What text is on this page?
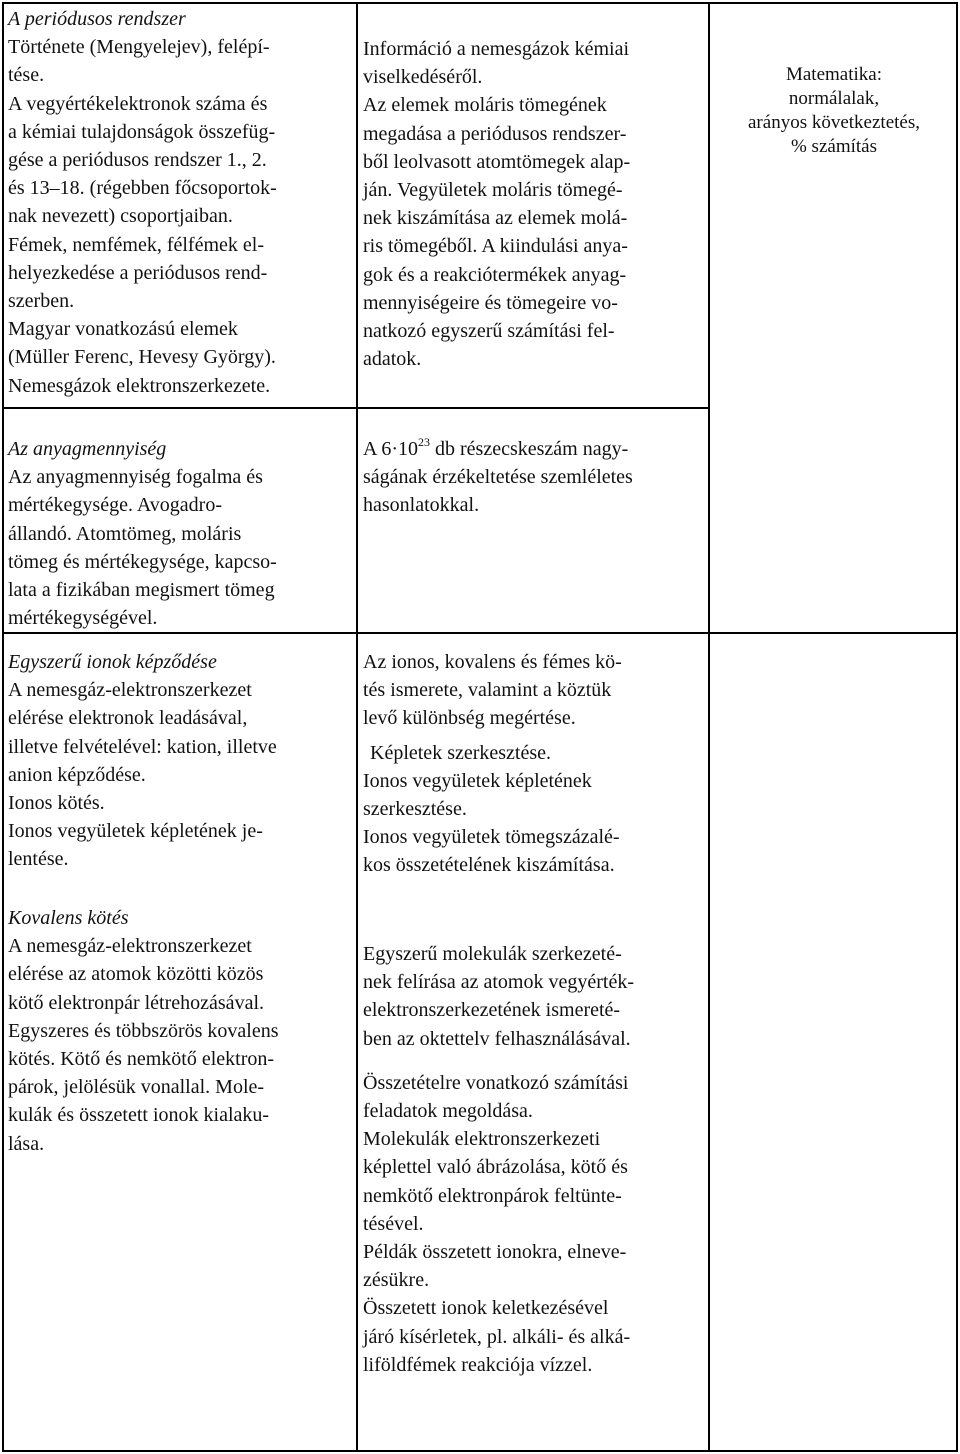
A periódusos rendszer

Története (Mengyelejev), felépí-

tése.

A vegyértékelektronok száma és

a kémiai tulajdonságok összefüg-

gése a periódusos rendszer 1., 2.

és 13–18. (régebben főcsoportok-

nak nevezett) csoportjaiban.

Fémek, nemfémek, félfémek el-

helyezkedése a periódusos rend-

szerben.

Magyar vonatkozású elemek

(Müller Ferenc, Hevesy György).

Nemesgázok elektronszerkezete.

Információ a nemesgázok kémiai

viselkedéséről.

Az elemek moláris tömegének

megadása a periódusos rendszer-

ből leolvasott atomtömegek alap-

ján. Vegyületek moláris tömegé-

nek kiszámítása az elemek molá-

ris tömegéből. A kiindulási anya-

gok és a reakciótermékek anyag-

mennyiségeire és tömegeire vo-

natkozó egyszerű számítási fel-

adatok.

Matematika:

normálalak,

arányos következtetés,

% számítás

Az anyagmennyiség

Az anyagmennyiség fogalma és

mértékegysége. Avogadro-

állandó. Atomtömeg, moláris

tömeg és mértékegysége, kapcso-

lata a fizikában megismert tömeg

mértékegységével.

A $6\cdot 10^{23}$ db részecskeszám nagy-

ságának érzékeltetése szemléletes

hasonlatokkal.

Egyszerű ionok képződése

A nemesgáz-elektronszerkezet

elérése elektronok leadásával,

illetve felvételével: kation, illetve

anion képződése.

Ionos kötés.

Ionos vegyületek képletének je-

lentése.

Az ionos, kovalens és fémes kö-

tés ismerete, valamint a köztük

levő különbség megértése.

Képletek szerkesztése.

Ionos vegyületek képletének

szerkesztése.

Ionos vegyületek tömegszázalé-

kos összetételének kiszámítása.

Kovalens kötés

A nemesgáz-elektronszerkezet

elérése az atomok közötti közös

kötő elektronpár létrehozásával.

Egyszeres és többszörös kovalens

kötés. Kötő és nemkötő elektron-

párok, jelölésük vonallal. Mole-

kulák és összetett ionok kialaku-

lása.

Egyszerű molekulák szerkezeté-

nek felírása az atomok vegyérték-

elektronszerkezetének ismereté-

ben az oktettelv felhasználásával.

Összetételre vonatkozó számítási

feladatok megoldása.

Molekulák elektronszerkezeti

képlettel való ábrázolása, kötő és

nemkötő elektronpárok feltünte-

tésével.

Példák összetett ionokra, elneve-

zésükre.

Összetett ionok keletkezésével

járó kísérletek, pl. alkáli- és alká-

liföldfémek reakciója vízzel.
